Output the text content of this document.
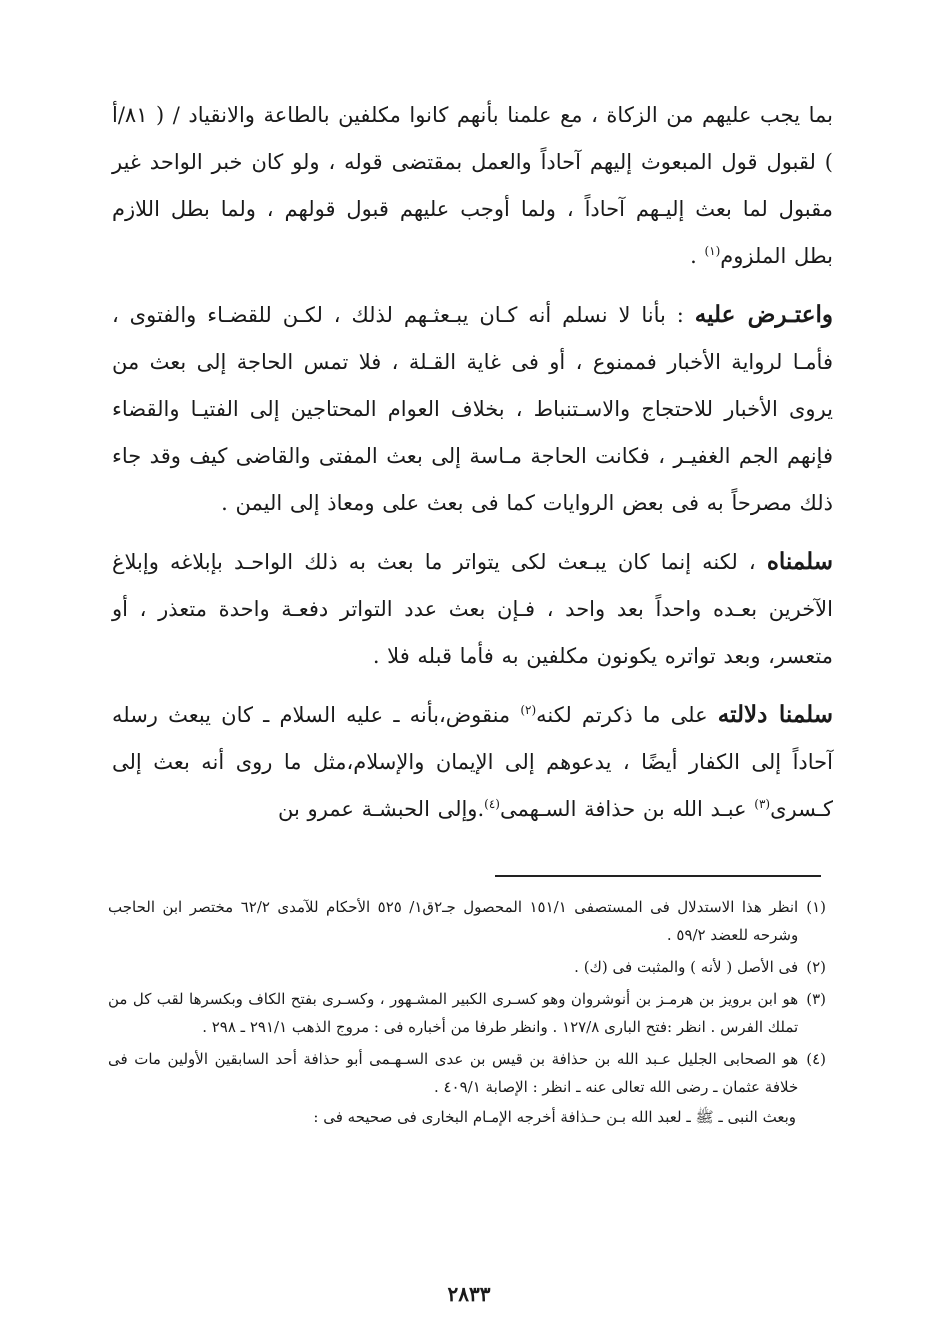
بما يجب عليهم من الزكاة ، مع علمنا بأنهم كانوا مكلفين بالطاعة والانقياد / ( ٨١/أ ) لقبول قول المبعوث إليهم آحاداً والعمل بمقتضى قوله ، ولو كان خبر الواحد غير مقبول لما بعث إليـهم آحاداً ، ولما أوجب عليهم قبول قولهم ، ولما بطل اللازم بطل الملزوم$^{(١)}$ .

واعتـرض عليه : بأنا لا نسلم أنه كـان يبـعثـهم لذلك ، لكـن للقضـاء والفتوى ، فأمـا لرواية الأخبار فممنوع ، أو فى غاية القـلة ، فلا تمس الحاجة إلى بعث من يروى الأخبار للاحتجاج والاسـتنباط ، بخلاف العوام المحتاجين إلى الفتيـا والقضاء فإنهم الجم الغفيـر ، فكانت الحاجة مـاسة إلى بعث المفتى والقاضى كيف وقد جاء ذلك مصرحاً به فى بعض الروايات كما فى بعث على ومعاذ إلى اليمن .

سلمناه ، لكنه إنما كان يبـعث لكى يتواتر ما بعث به ذلك الواحـد بإبلاغه وإبلاغ الآخرين بعـده واحداً بعد واحد ، فـإن بعث عدد التواتر دفعـة واحدة متعذر ، أو متعسر، وبعد تواتره يكونون مكلفين به فأما قبله فلا .

سلمنا دلالته على ما ذكرتم لكنه$^{(٢)}$ منقوض،بأنه ـ عليه السلام ـ كان يبعث رسله آحاداً إلى الكفار أيضًا ، يدعوهم إلى الإيمان والإسلام،مثل ما روى أنه بعث إلى كـسرى$^{(٣)}$ عبـد الله بن حذافة السـهمى$^{(٤)}$.وإلى الحبشـة عمرو بن

(١)
انظر هذا الاستدلال فى المستصفى ١٥١/١ المحصول جـ٢ق١/ ٥٢٥ الأحكام للآمدى ٦٢/٢ مختصر ابن الحاجب وشرحه للعضد ٥٩/٢ .

(٢)
فى الأصل ( لأنه ) والمثبت فى (ك) .

(٣)
هو ابن برويز بن هرمـز بن أنوشروان وهو كسـرى الكبير المشـهور ، وكسـرى بفتح الكاف وبكسرها لقب كل من تملك الفرس . انظر :فتح البارى ١٢٧/٨ . وانظر طرفا من أخباره فى : مروج الذهب ٢٩١/١ ـ ٢٩٨ .

(٤)
هو الصحابى الجليل عـبد الله بن حذافة بن قيس بن عدى السـهـمى أبو حذافة أحد السابقين الأولين مات فى خلافة عثمان ـ رضى الله تعالى عنه ـ انظر : الإصابة ٤٠٩/١ .

وبعث النبى ـ ﷺ ـ لعبد الله بـن حـذافة أخرجه الإمـام البخارى فى صحيحه فى :

٢٨٣٣
